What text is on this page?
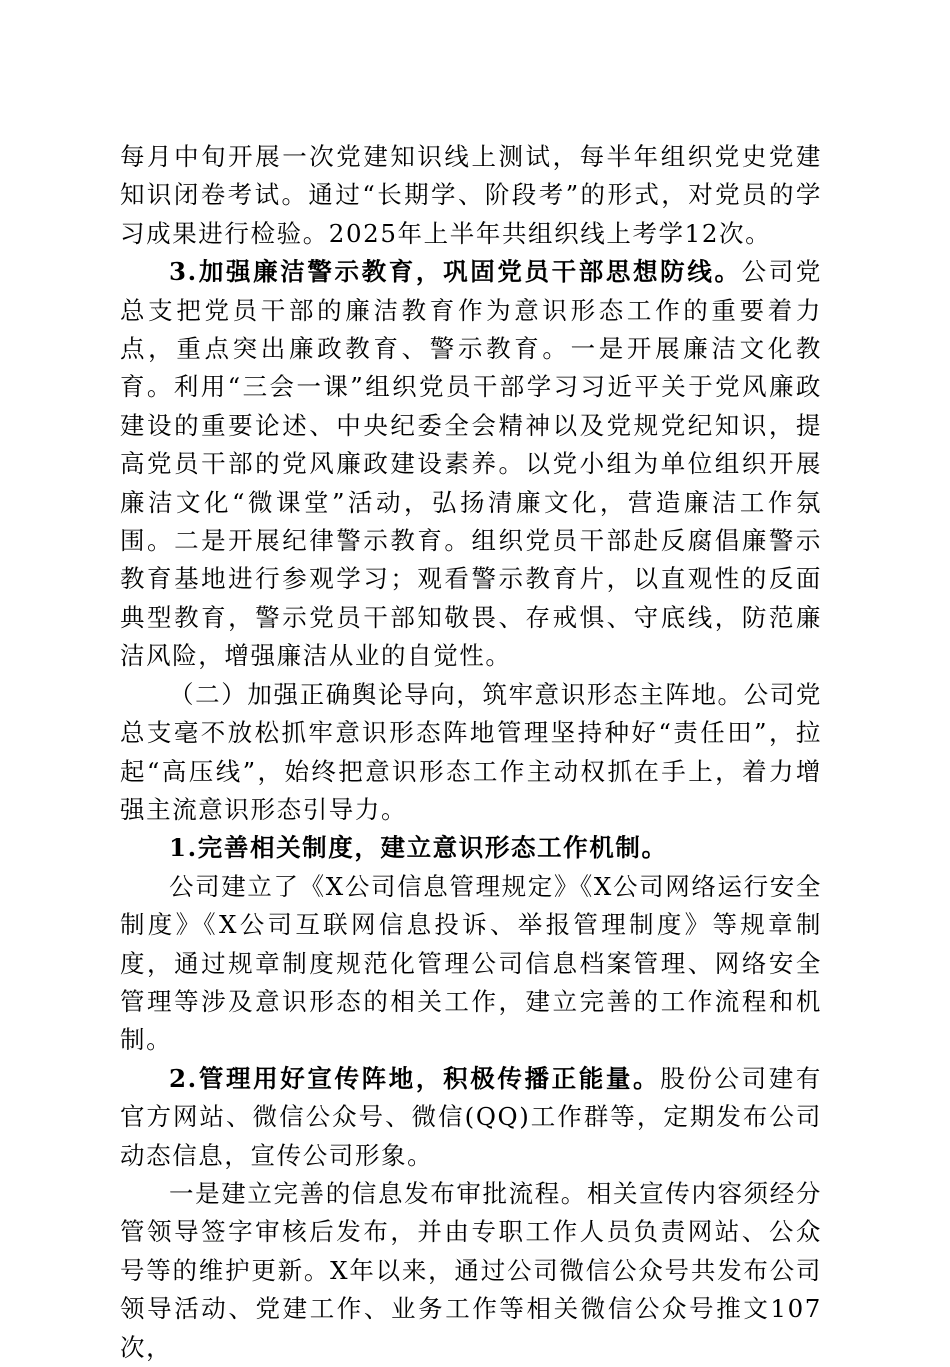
每月中旬开展一次党建知识线上测试，每半年组织党史党建知识闭卷考试。通过“长期学、阶段考”的形式，对党员的学习成果进行检验。2025年上半年共组织线上考学12次。

3.加强廉洁警示教育，巩固党员干部思想防线。公司党总支把党员干部的廉洁教育作为意识形态工作的重要着力点，重点突出廉政教育、警示教育。一是开展廉洁文化教育。利用“三会一课”组织党员干部学习习近平关于党风廉政建设的重要论述、中央纪委全会精神以及党规党纪知识，提高党员干部的党风廉政建设素养。以党小组为单位组织开展廉洁文化“微课堂”活动，弘扬清廉文化，营造廉洁工作氛围。二是开展纪律警示教育。组织党员干部赴反腐倡廉警示教育基地进行参观学习；观看警示教育片，以直观性的反面典型教育，警示党员干部知敬畏、存戒惧、守底线，防范廉洁风险，增强廉洁从业的自觉性。

（二）加强正确舆论导向，筑牢意识形态主阵地。公司党总支毫不放松抓牢意识形态阵地管理坚持种好“责任田”，拉起“高压线”，始终把意识形态工作主动权抓在手上，着力增强主流意识形态引导力。

1.完善相关制度，建立意识形态工作机制。

公司建立了《X公司信息管理规定》《X公司网络运行安全制度》《X公司互联网信息投诉、举报管理制度》等规章制度，通过规章制度规范化管理公司信息档案管理、网络安全管理等涉及意识形态的相关工作，建立完善的工作流程和机制。

2.管理用好宣传阵地，积极传播正能量。股份公司建有官方网站、微信公众号、微信(QQ)工作群等，定期发布公司动态信息，宣传公司形象。

一是建立完善的信息发布审批流程。相关宣传内容须经分管领导签字审核后发布，并由专职工作人员负责网站、公众号等的维护更新。X年以来，通过公司微信公众号共发布公司领导活动、党建工作、业务工作等相关微信公众号推文107次，
